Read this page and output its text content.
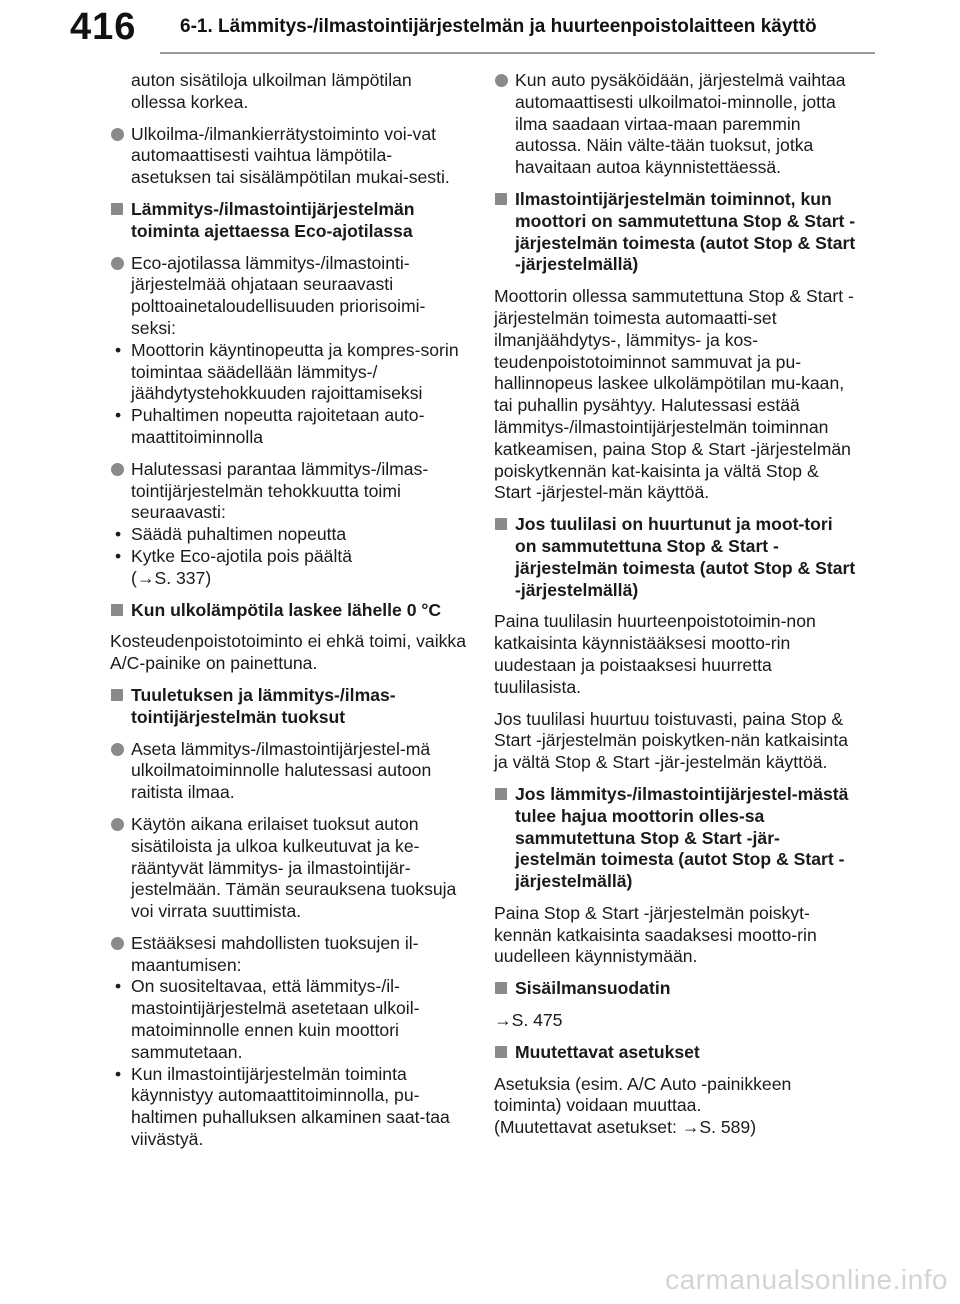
416 6-1. Lämmitys-/ilmastointijärjestelmän ja huurteenpoistolaitteen käyttö
auton sisätiloja ulkoilman lämpötilan ollessa korkea.
Ulkoilma-/ilmankierrätystoiminto voi-vat automaattisesti vaihtua lämpötila-asetuksen tai sisälämpötilan mukai-sesti.
Lämmitys-/ilmastointijärjestelmän toiminta ajettaessa Eco-ajotilassa
Eco-ajotilassa lämmitys-/ilmastointi-järjestelmää ohjataan seuraavasti polttoainetaloudellisuuden priorisoimi-seksi:
• Moottorin käyntinopeutta ja kompres-sorin toimintaa säädellään lämmitys-/ jäähdytystehokkuuden rajoittamiseksi
• Puhaltimen nopeutta rajoitetaan auto-maattitoiminnolla
Halutessasi parantaa lämmitys-/ilmas-tointijärjestelmän tehokkuutta toimi seuraavasti:
• Säädä puhaltimen nopeutta
• Kytke Eco-ajotila pois päältä
(→S. 337)
Kun ulkolämpötila laskee lähelle 0 °C
Kosteudenpoistotoiminto ei ehkä toimi, vaikka A/C-painike on painettuna.
Tuuletuksen ja lämmitys-/ilmas-tointijärjestelmän tuoksut
Aseta lämmitys-/ilmastointijärjestel-mä ulkoilmatoiminnolle halutessasi autoon raitista ilmaa.
Käytön aikana erilaiset tuoksut auton sisätiloista ja ulkoa kulkeutuvat ja ke-rääntyvät lämmitys- ja ilmastointijär-jestelmään. Tämän seurauksena tuoksuja voi virrata suuttimista.
Estääksesi mahdollisten tuoksujen il-maantumisen:
• On suositeltavaa, että lämmitys-/il-mastointijärjestelmä asetetaan ulkoil-matoiminnolle ennen kuin moottori sammutetaan.
• Kun ilmastointijärjestelmän toiminta käynnistyy automaattitoiminnolla, pu-haltimen puhalluksen alkaminen saat-taa viivästyä.
Kun auto pysäköidään, järjestelmä vaihtaa automaattisesti ulkoilmatoi-minnolle, jotta ilma saadaan virtaa-maan paremmin autossa. Näin välte-tään tuoksut, jotka havaitaan autoa käynnistettäessä.
Ilmastointijärjestelmän toiminnot, kun moottori on sammutettuna Stop & Start -järjestelmän toimesta (autot Stop & Start -järjestelmällä)
Moottorin ollessa sammutettuna Stop & Start -järjestelmän toimesta automaatti-set ilmanjäähdytys-, lämmitys- ja kos-teudenpoistotoiminnot sammuvat ja pu-hallinnopeus laskee ulkolämpötilan mu-kaan, tai puhallin pysähtyy. Halutessasi estää lämmitys-/ilmastointijärjestelmän toiminnan katkeamisen, paina Stop & Start -järjestelmän poiskytkennän kat-kaisinta ja vältä Stop & Start -järjestel-män käyttöä.
Jos tuulilasi on huurtunut ja moot-tori on sammutettuna Stop & Start -järjestelmän toimesta (autot Stop & Start -järjestelmällä)
Paina tuulilasin huurteenpoistotoimin-non katkaisinta käynnistääksesi mootto-rin uudestaan ja poistaaksesi huurretta tuulilasista.
Jos tuulilasi huurtuu toistuvasti, paina Stop & Start -järjestelmän poiskytken-nän katkaisinta ja vältä Stop & Start -jär-jestelmän käyttöä.
Jos lämmitys-/ilmastointijärjestel-mästä tulee hajua moottorin olles-sa sammutettuna Stop & Start -jär-jestelmän toimesta (autot Stop & Start -järjestelmällä)
Paina Stop & Start -järjestelmän poiskyt-kennän katkaisinta saadaksesi mootto-rin uudelleen käynnistymään.
Sisäilmansuodatin
→S. 475
Muutettavat asetukset
Asetuksia (esim. A/C Auto -painikkeen toiminta) voidaan muuttaa.
(Muutettavat asetukset: →S. 589)
carmanualsonline.info
